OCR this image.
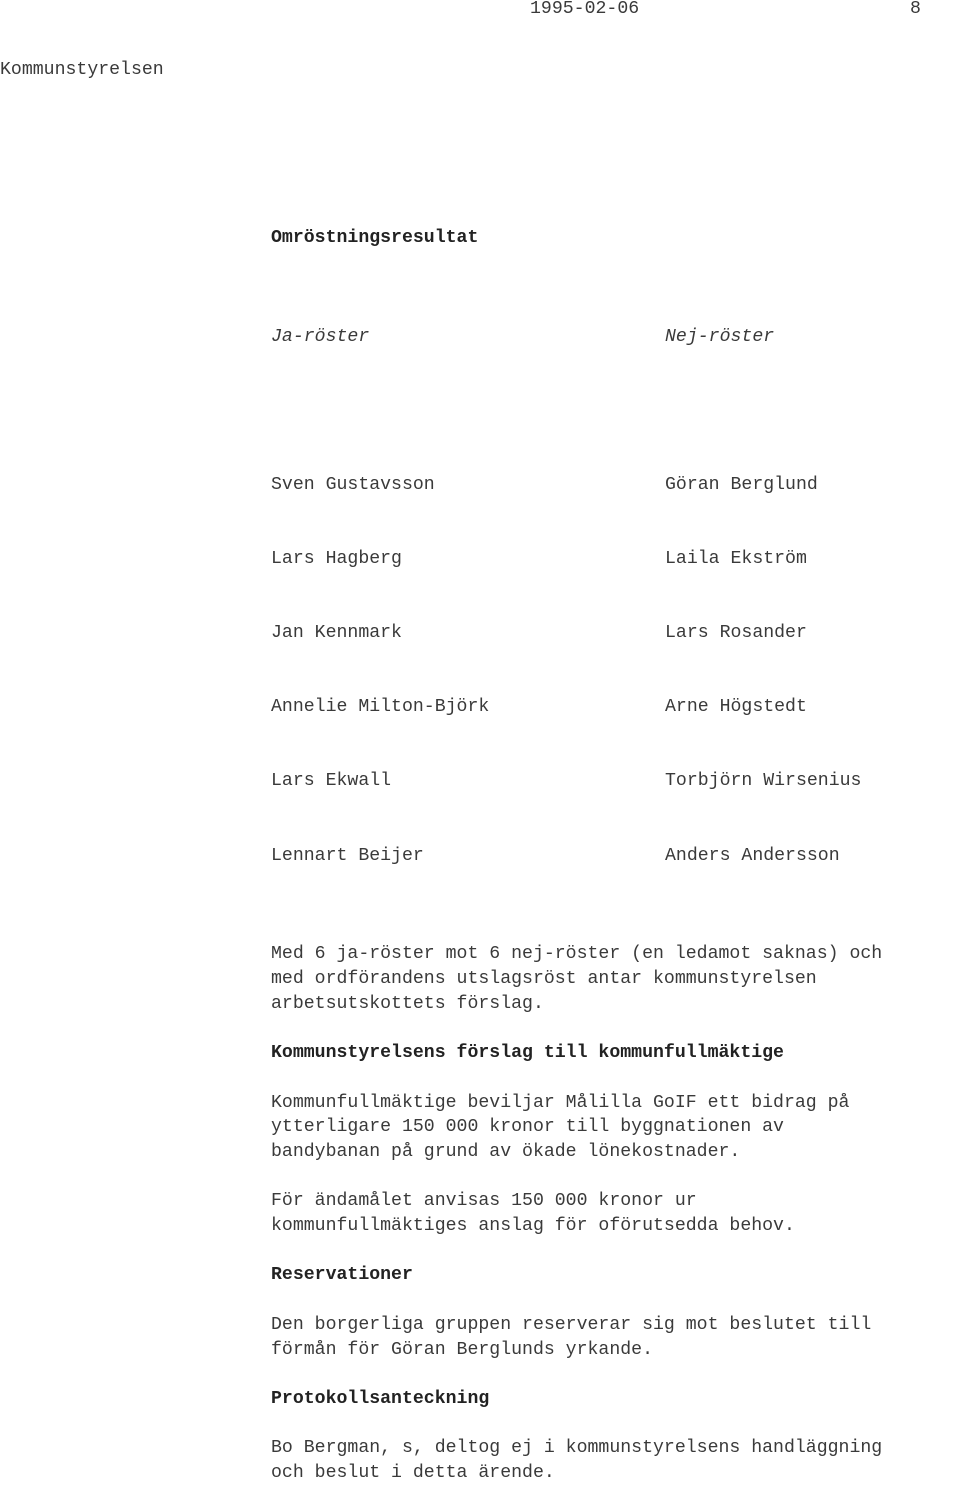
1995-02-06	8
Kommunstyrelsen
Omröstningsresultat

Ja-röster

Sven Gustavsson

Lars Hagberg

Jan Kennmark

Annelie Milton-Björk

Lars Ekwall

Lennart Beijer

Nej-röster

Göran Berglund

Laila Ekström

Lars Rosander

Arne Högstedt

Torbjörn Wirsenius

Anders Andersson

Med 6 ja-röster mot 6 nej-röster (en ledamot saknas) och
med ordförandens utslagsröst antar kommunstyrelsen
arbetsutskottets förslag.
Kommunstyrelsens förslag till kommunfullmäktige
Kommunfullmäktige beviljar Målilla GoIF ett bidrag på
ytterligare 150 000 kronor till byggnationen av
bandybanan på grund av ökade lönekostnader.
För ändamålet anvisas 150 000 kronor ur
kommunfullmäktiges anslag för oförutsedda behov.
Reservationer
Den borgerliga gruppen reserverar sig mot beslutet till
förmån för Göran Berglunds yrkande.
Protokollsanteckning
Bo Bergman, s, deltog ej i kommunstyrelsens handläggning
och beslut i detta ärende.
